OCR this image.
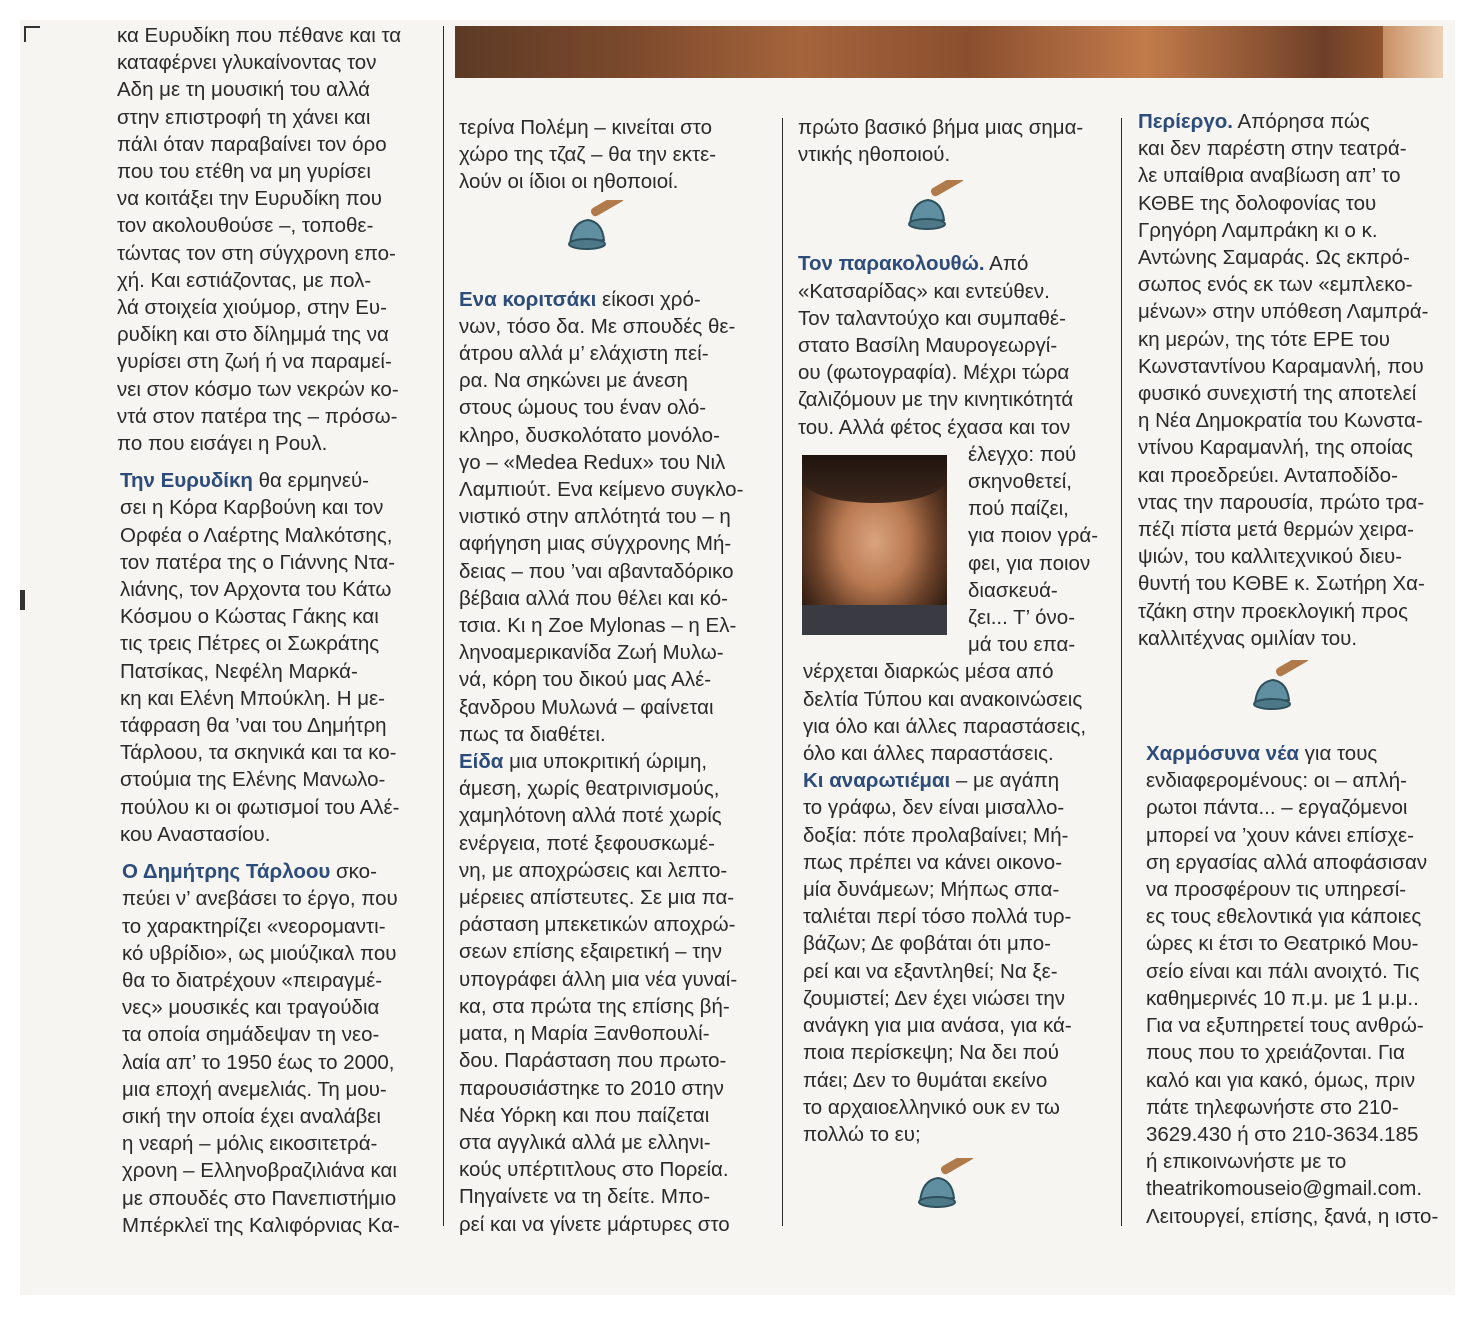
κα Ευρυδίκη που πέθανε και τα
καταφέρνει γλυκαίνοντας τον
Αδη με τη μουσική του αλλά
στην επιστροφή τη χάνει και
πάλι όταν παραβαίνει τον όρο
που του ετέθη να μη γυρίσει
να κοιτάξει την Ευρυδίκη που
τον ακολουθούσε –, τοποθε-
τώντας τον στη σύγχρονη επο-
χή. Και εστιάζοντας, με πολ-
λά στοιχεία χιούμορ, στην Ευ-
ρυδίκη και στο δίλημμά της να
γυρίσει στη ζωή ή να παραμεί-
νει στον κόσμο των νεκρών κο-
ντά στον πατέρα της – πρόσω-
πο που εισάγει η Ρουλ.

Την Ευρυδίκη θα ερμηνεύ-
σει η Κόρα Καρβούνη και τον
Ορφέα ο Λαέρτης Μαλκότσης,
τον πατέρα της ο Γιάννης Ντα-
λιάνης, τον Αρχοντα του Κάτω
Κόσμου ο Κώστας Γάκης και
τις τρεις Πέτρες οι Σωκράτης
Πατσίκας, Νεφέλη Μαρκά-
κη και Ελένη Μπούκλη. Η με-
τάφραση θα ’ναι του Δημήτρη
Τάρλοου, τα σκηνικά και τα κο-
στούμια της Ελένης Μανωλο-
πούλου κι οι φωτισμοί του Αλέ-
κου Αναστασίου.

Ο Δημήτρης Τάρλοου σκο-
πεύει ν’ ανεβάσει το έργο, που
το χαρακτηρίζει «νεορομαντι-
κό υβρίδιο», ως μιούζικαλ που
θα το διατρέχουν «πειραγμέ-
νες» μουσικές και τραγούδια
τα οποία σημάδεψαν τη νεο-
λαία απ’ το 1950 έως το 2000,
μια εποχή ανεμελιάς. Τη μου-
σική την οποία έχει αναλάβει
η νεαρή – μόλις εικοσιτετρά-
χρονη – Ελληνοβραζιλιάνα και
με σπουδές στο Πανεπιστήμιο
Μπέρκλεϊ της Καλιφόρνιας Κα-

τερίνα Πολέμη – κινείται στο
χώρο της τζαζ – θα την εκτε-
λούν οι ίδιοι οι ηθοποιοί.

Ενα κοριτσάκι είκοσι χρό-
νων, τόσο δα. Με σπουδές θε-
άτρου αλλά μ’ ελάχιστη πεί-
ρα. Να σηκώνει με άνεση
στους ώμους του έναν ολό-
κληρο, δυσκολότατο μονόλο-
γο – «Medea Redux» του Νιλ
Λαμπιούτ. Ενα κείμενο συγκλο-
νιστικό στην απλότητά του – η
αφήγηση μιας σύγχρονης Μή-
δειας – που ’ναι αβανταδόρικο
βέβαια αλλά που θέλει και κό-
τσια. Κι η Zoe Mylonas – η Ελ-
ληνοαμερικανίδα Ζωή Μυλω-
νά, κόρη του δικού μας Αλέ-
ξανδρου Μυλωνά – φαίνεται
πως τα διαθέτει.

Είδα μια υποκριτική ώριμη,
άμεση, χωρίς θεατρινισμούς,
χαμηλότονη αλλά ποτέ χωρίς
ενέργεια, ποτέ ξεφουσκωμέ-
νη, με αποχρώσεις και λεπτο-
μέρειες απίστευτες. Σε μια πα-
ράσταση μπεκετικών αποχρώ-
σεων επίσης εξαιρετική – την
υπογράφει άλλη μια νέα γυναί-
κα, στα πρώτα της επίσης βή-
ματα, η Μαρία Ξανθοπουλί-
δου. Παράσταση που πρωτο-
παρουσιάστηκε το 2010 στην
Νέα Υόρκη και που παίζεται
στα αγγλικά αλλά με ελληνι-
κούς υπέρτιτλους στο Πορεία.
Πηγαίνετε να τη δείτε. Μπο-
ρεί και να γίνετε μάρτυρες στο

πρώτο βασικό βήμα μιας σημα-
ντικής ηθοποιού.

Τον παρακολουθώ. Από
«Κατσαρίδας» και εντεύθεν.
Τον ταλαντούχο και συμπαθέ-
στατο Βασίλη Μαυρογεωργί-
ου (φωτογραφία). Μέχρι τώρα
ζαλιζόμουν με την κινητικότητά
του. Αλλά φέτος έχασα και τον

έλεγχο: πού
σκηνοθετεί,
πού παίζει,
για ποιον γρά-
φει, για ποιον
διασκευά-
ζει... Τ’ όνο-
μά του επα-

νέρχεται διαρκώς μέσα από
δελτία Τύπου και ανακοινώσεις
για όλο και άλλες παραστάσεις,
όλο και άλλες παραστάσεις.

Κι αναρωτιέμαι – με αγάπη
το γράφω, δεν είναι μισαλλο-
δοξία: πότε προλαβαίνει; Μή-
πως πρέπει να κάνει οικονο-
μία δυνάμεων; Μήπως σπα-
ταλιέται περί τόσο πολλά τυρ-
βάζων; Δε φοβάται ότι μπο-
ρεί και να εξαντληθεί; Να ξε-
ζουμιστεί; Δεν έχει νιώσει την
ανάγκη για μια ανάσα, για κά-
ποια περίσκεψη; Να δει πού
πάει; Δεν το θυμάται εκείνο
το αρχαιοελληνικό ουκ εν τω
πολλώ το ευ;

Περίεργο. Απόρησα πώς
και δεν παρέστη στην τεατρά-
λε υπαίθρια αναβίωση απ’ το
ΚΘΒΕ της δολοφονίας του
Γρηγόρη Λαμπράκη κι ο κ.
Αντώνης Σαμαράς. Ως εκπρό-
σωπος ενός εκ των «εμπλεκο-
μένων» στην υπόθεση Λαμπρά-
κη μερών, της τότε ΕΡΕ του
Κωνσταντίνου Καραμανλή, που
φυσικό συνεχιστή της αποτελεί
η Νέα Δημοκρατία του Κωνστα-
ντίνου Καραμανλή, της οποίας
και προεδρεύει. Ανταποδίδο-
ντας την παρουσία, πρώτο τρα-
πέζι πίστα μετά θερμών χειρα-
ψιών, του καλλιτεχνικού διευ-
θυντή του ΚΘΒΕ κ. Σωτήρη Χα-
τζάκη στην προεκλογική προς
καλλιτέχνας ομιλίαν του.

Χαρμόσυνα νέα για τους
ενδιαφερομένους: οι – απλή-
ρωτοι πάντα... – εργαζόμενοι
μπορεί να ’χουν κάνει επίσχε-
ση εργασίας αλλά αποφάσισαν
να προσφέρουν τις υπηρεσί-
ες τους εθελοντικά για κάποιες
ώρες κι έτσι το Θεατρικό Μου-
σείο είναι και πάλι ανοιχτό. Τις
καθημερινές 10 π.μ. με 1 μ.μ..
Για να εξυπηρετεί τους ανθρώ-
πους που το χρειάζονται. Για
καλό και για κακό, όμως, πριν
πάτε τηλεφωνήστε στο 210-
3629.430 ή στο 210-3634.185
ή επικοινωνήστε με το
theatrikomouseio@gmail.com.
Λειτουργεί, επίσης, ξανά, η ιστο-
